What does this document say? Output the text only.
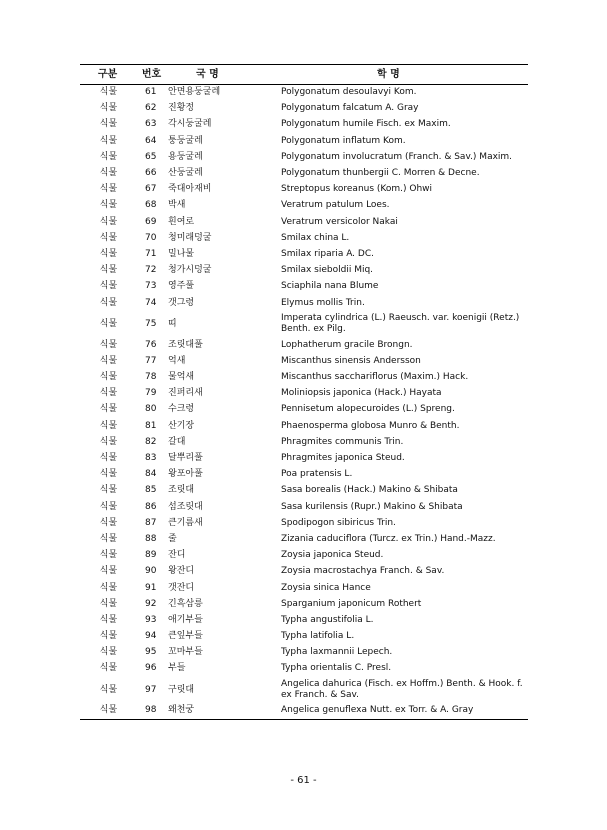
구분	번호	국 명	학 명
식물	61	안면용둥굴레	Polygonatum desoulavyi Kom.
식물	62	진황정	Polygonatum falcatum A. Gray
식물	63	각시둥굴레	Polygonatum humile Fisch. ex Maxim.
식물	64	퉁둥굴레	Polygonatum inflatum Kom.
식물	65	용둥굴레	Polygonatum involucratum (Franch. & Sav.) Maxim.
식물	66	산둥굴레	Polygonatum thunbergii C. Morren & Decne.
식물	67	죽대아재비	Streptopus koreanus (Kom.) Ohwi
식물	68	박새	Veratrum patulum Loes.
식물	69	흰여로	Veratrum versicolor Nakai
식물	70	청미래덩굴	Smilax china L.
식물	71	밀나물	Smilax riparia A. DC.
식물	72	청가시덩굴	Smilax sieboldii Miq.
식물	73	영주풀	Sciaphila nana Blume
식물	74	갯그령	Elymus mollis Trin.
식물	75	띠	Imperata cylindrica (L.) Raeusch. var. koenigii (Retz.) Benth. ex Pilg.
식물	76	조릿대풀	Lophatherum gracile Brongn.
식물	77	억새	Miscanthus sinensis Andersson
식물	78	물억새	Miscanthus sacchariflorus (Maxim.) Hack.
식물	79	진퍼리새	Moliniopsis japonica (Hack.) Hayata
식물	80	수크령	Pennisetum alopecuroides (L.) Spreng.
식물	81	산기장	Phaenosperma globosa Munro & Benth.
식물	82	갈대	Phragmites communis Trin.
식물	83	달뿌리풀	Phragmites japonica Steud.
식물	84	왕포아풀	Poa pratensis L.
식물	85	조릿대	Sasa borealis (Hack.) Makino & Shibata
식물	86	섬조릿대	Sasa kurilensis (Rupr.) Makino & Shibata
식물	87	큰기름새	Spodipogon sibiricus Trin.
식물	88	줄	Zizania caduciflora (Turcz. ex Trin.) Hand.-Mazz.
식물	89	잔디	Zoysia japonica Steud.
식물	90	왕잔디	Zoysia macrostachya Franch. & Sav.
식물	91	갯잔디	Zoysia sinica Hance
식물	92	긴흑삼릉	Sparganium japonicum Rothert
식물	93	애기부들	Typha angustifolia L.
식물	94	큰잎부들	Typha latifolia L.
식물	95	꼬마부들	Typha laxmannii Lepech.
식물	96	부들	Typha orientalis C. Presl.
식물	97	구릿대	Angelica dahurica (Fisch. ex Hoffm.) Benth. & Hook. f. ex Franch. & Sav.
식물	98	왜천궁	Angelica genuflexa Nutt. ex Torr. & A. Gray
- 61 -
